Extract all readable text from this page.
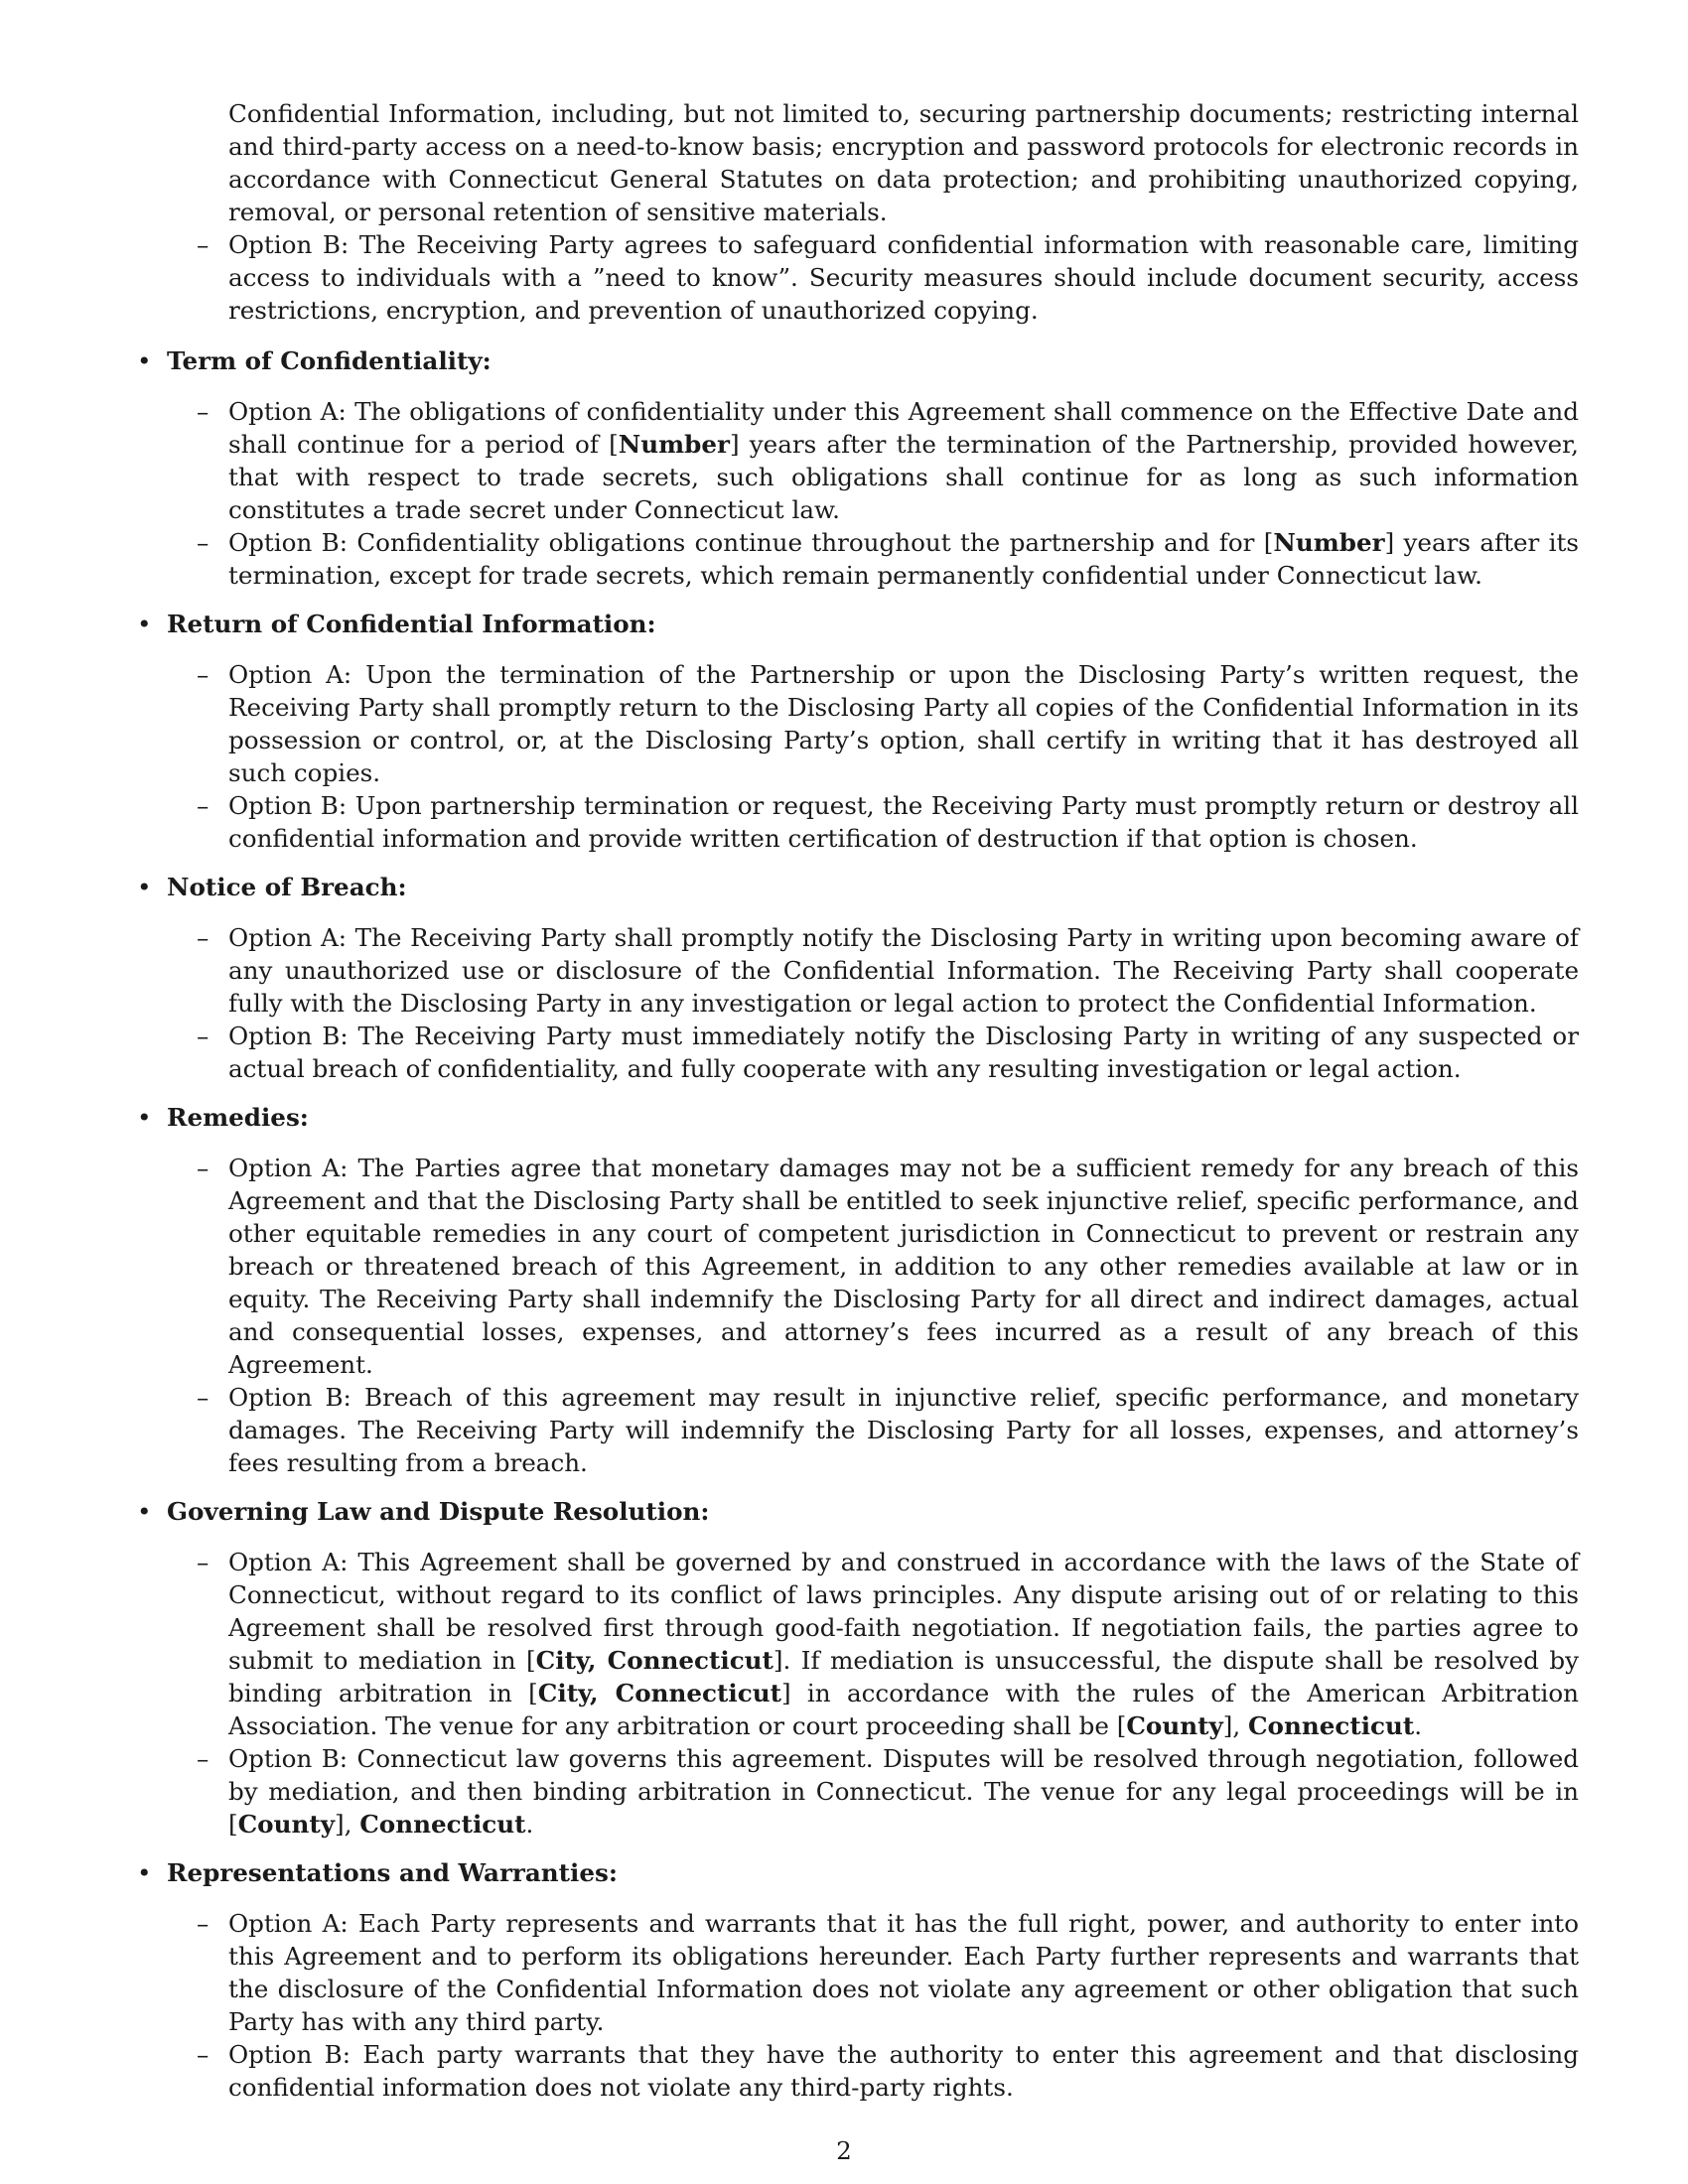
Confidential Information, including, but not limited to, securing partnership documents; restricting internal and third-party access on a need-to-know basis; encryption and password protocols for electronic records in accordance with Connecticut General Statutes on data protection; and prohibiting unauthorized copying, removal, or personal retention of sensitive materials.
– Option B: The Receiving Party agrees to safeguard confidential information with reasonable care, limiting access to individuals with a ”need to know”. Security measures should include document security, access restrictions, encryption, and prevention of unauthorized copying.
• Term of Confidentiality:
– Option A: The obligations of confidentiality under this Agreement shall commence on the Effective Date and shall continue for a period of [Number] years after the termination of the Partnership, provided however, that with respect to trade secrets, such obligations shall continue for as long as such information constitutes a trade secret under Connecticut law.
– Option B: Confidentiality obligations continue throughout the partnership and for [Number] years after its termination, except for trade secrets, which remain permanently confidential under Connecticut law.
• Return of Confidential Information:
– Option A: Upon the termination of the Partnership or upon the Disclosing Party’s written request, the Receiving Party shall promptly return to the Disclosing Party all copies of the Confidential Information in its possession or control, or, at the Disclosing Party’s option, shall certify in writing that it has destroyed all such copies.
– Option B: Upon partnership termination or request, the Receiving Party must promptly return or destroy all confidential information and provide written certification of destruction if that option is chosen.
• Notice of Breach:
– Option A: The Receiving Party shall promptly notify the Disclosing Party in writing upon becoming aware of any unauthorized use or disclosure of the Confidential Information. The Receiving Party shall cooperate fully with the Disclosing Party in any investigation or legal action to protect the Confidential Information.
– Option B: The Receiving Party must immediately notify the Disclosing Party in writing of any suspected or actual breach of confidentiality, and fully cooperate with any resulting investigation or legal action.
• Remedies:
– Option A: The Parties agree that monetary damages may not be a sufficient remedy for any breach of this Agreement and that the Disclosing Party shall be entitled to seek injunctive relief, specific performance, and other equitable remedies in any court of competent jurisdiction in Connecticut to prevent or restrain any breach or threatened breach of this Agreement, in addition to any other remedies available at law or in equity. The Receiving Party shall indemnify the Disclosing Party for all direct and indirect damages, actual and consequential losses, expenses, and attorney’s fees incurred as a result of any breach of this Agreement.
– Option B: Breach of this agreement may result in injunctive relief, specific performance, and monetary damages. The Receiving Party will indemnify the Disclosing Party for all losses, expenses, and attorney’s fees resulting from a breach.
• Governing Law and Dispute Resolution:
– Option A: This Agreement shall be governed by and construed in accordance with the laws of the State of Connecticut, without regard to its conflict of laws principles. Any dispute arising out of or relating to this Agreement shall be resolved first through good-faith negotiation. If negotiation fails, the parties agree to submit to mediation in [City, Connecticut]. If mediation is unsuccessful, the dispute shall be resolved by binding arbitration in [City, Connecticut] in accordance with the rules of the American Arbitration Association. The venue for any arbitration or court proceeding shall be [County], Connecticut.
– Option B: Connecticut law governs this agreement. Disputes will be resolved through negotiation, followed by mediation, and then binding arbitration in Connecticut. The venue for any legal proceedings will be in [County], Connecticut.
• Representations and Warranties:
– Option A: Each Party represents and warrants that it has the full right, power, and authority to enter into this Agreement and to perform its obligations hereunder. Each Party further represents and warrants that the disclosure of the Confidential Information does not violate any agreement or other obligation that such Party has with any third party.
– Option B: Each party warrants that they have the authority to enter this agreement and that disclosing confidential information does not violate any third-party rights.
2
